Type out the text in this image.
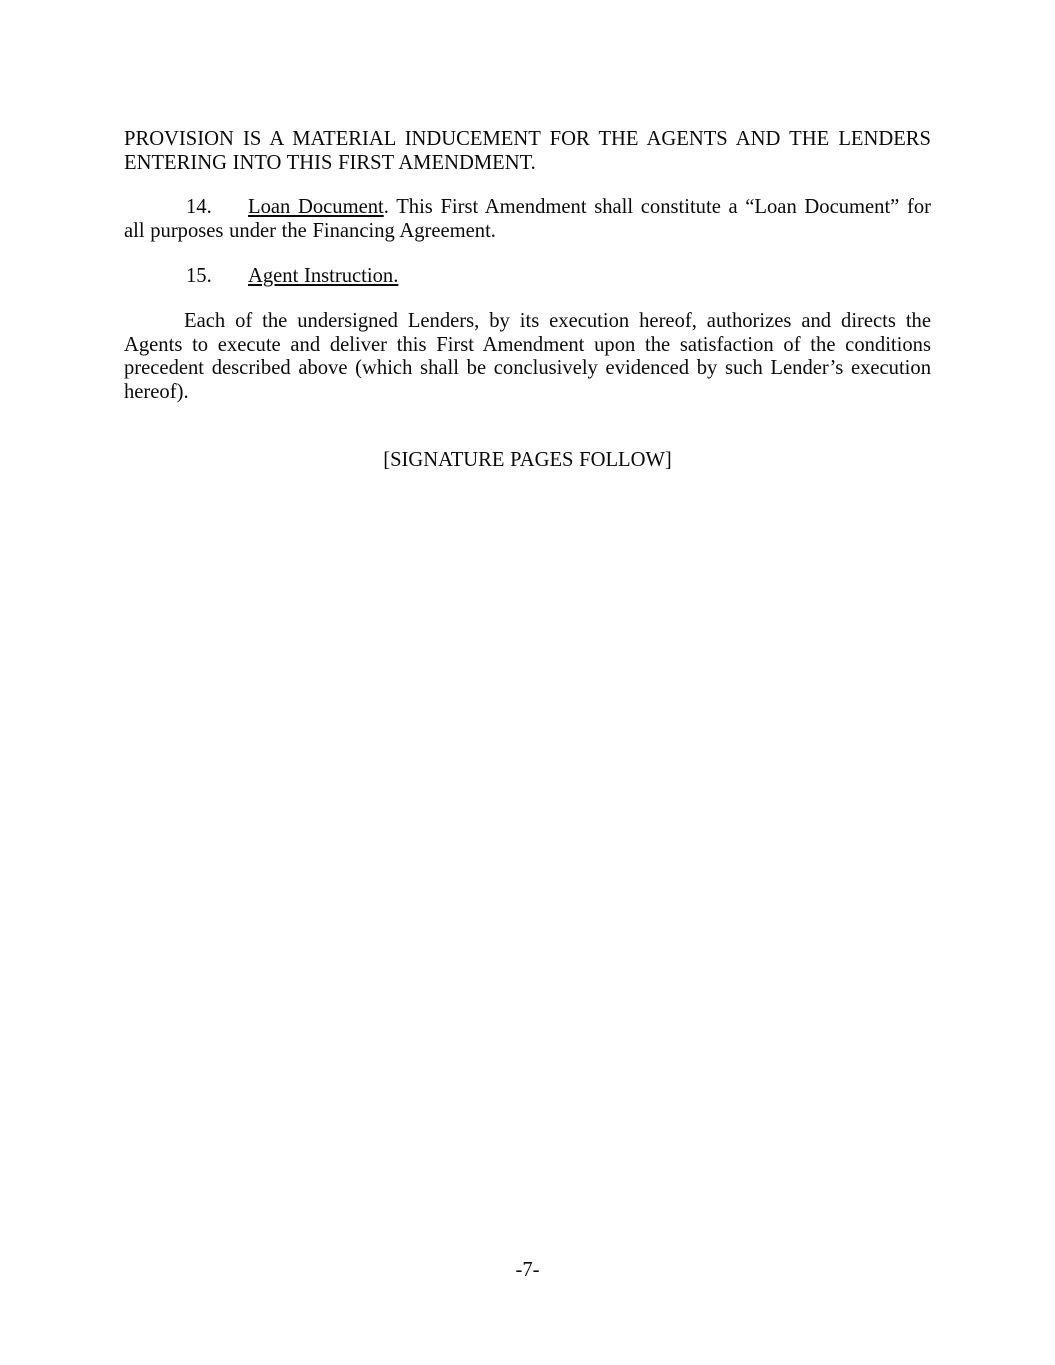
PROVISION IS A MATERIAL INDUCEMENT FOR THE AGENTS AND THE LENDERS ENTERING INTO THIS FIRST AMENDMENT.

14. Loan Document. This First Amendment shall constitute a “Loan Document” for all purposes under the Financing Agreement.

15. Agent Instruction.

Each of the undersigned Lenders, by its execution hereof, authorizes and directs the Agents to execute and deliver this First Amendment upon the satisfaction of the conditions precedent described above (which shall be conclusively evidenced by such Lender’s execution hereof).

[SIGNATURE PAGES FOLLOW]

-7-
